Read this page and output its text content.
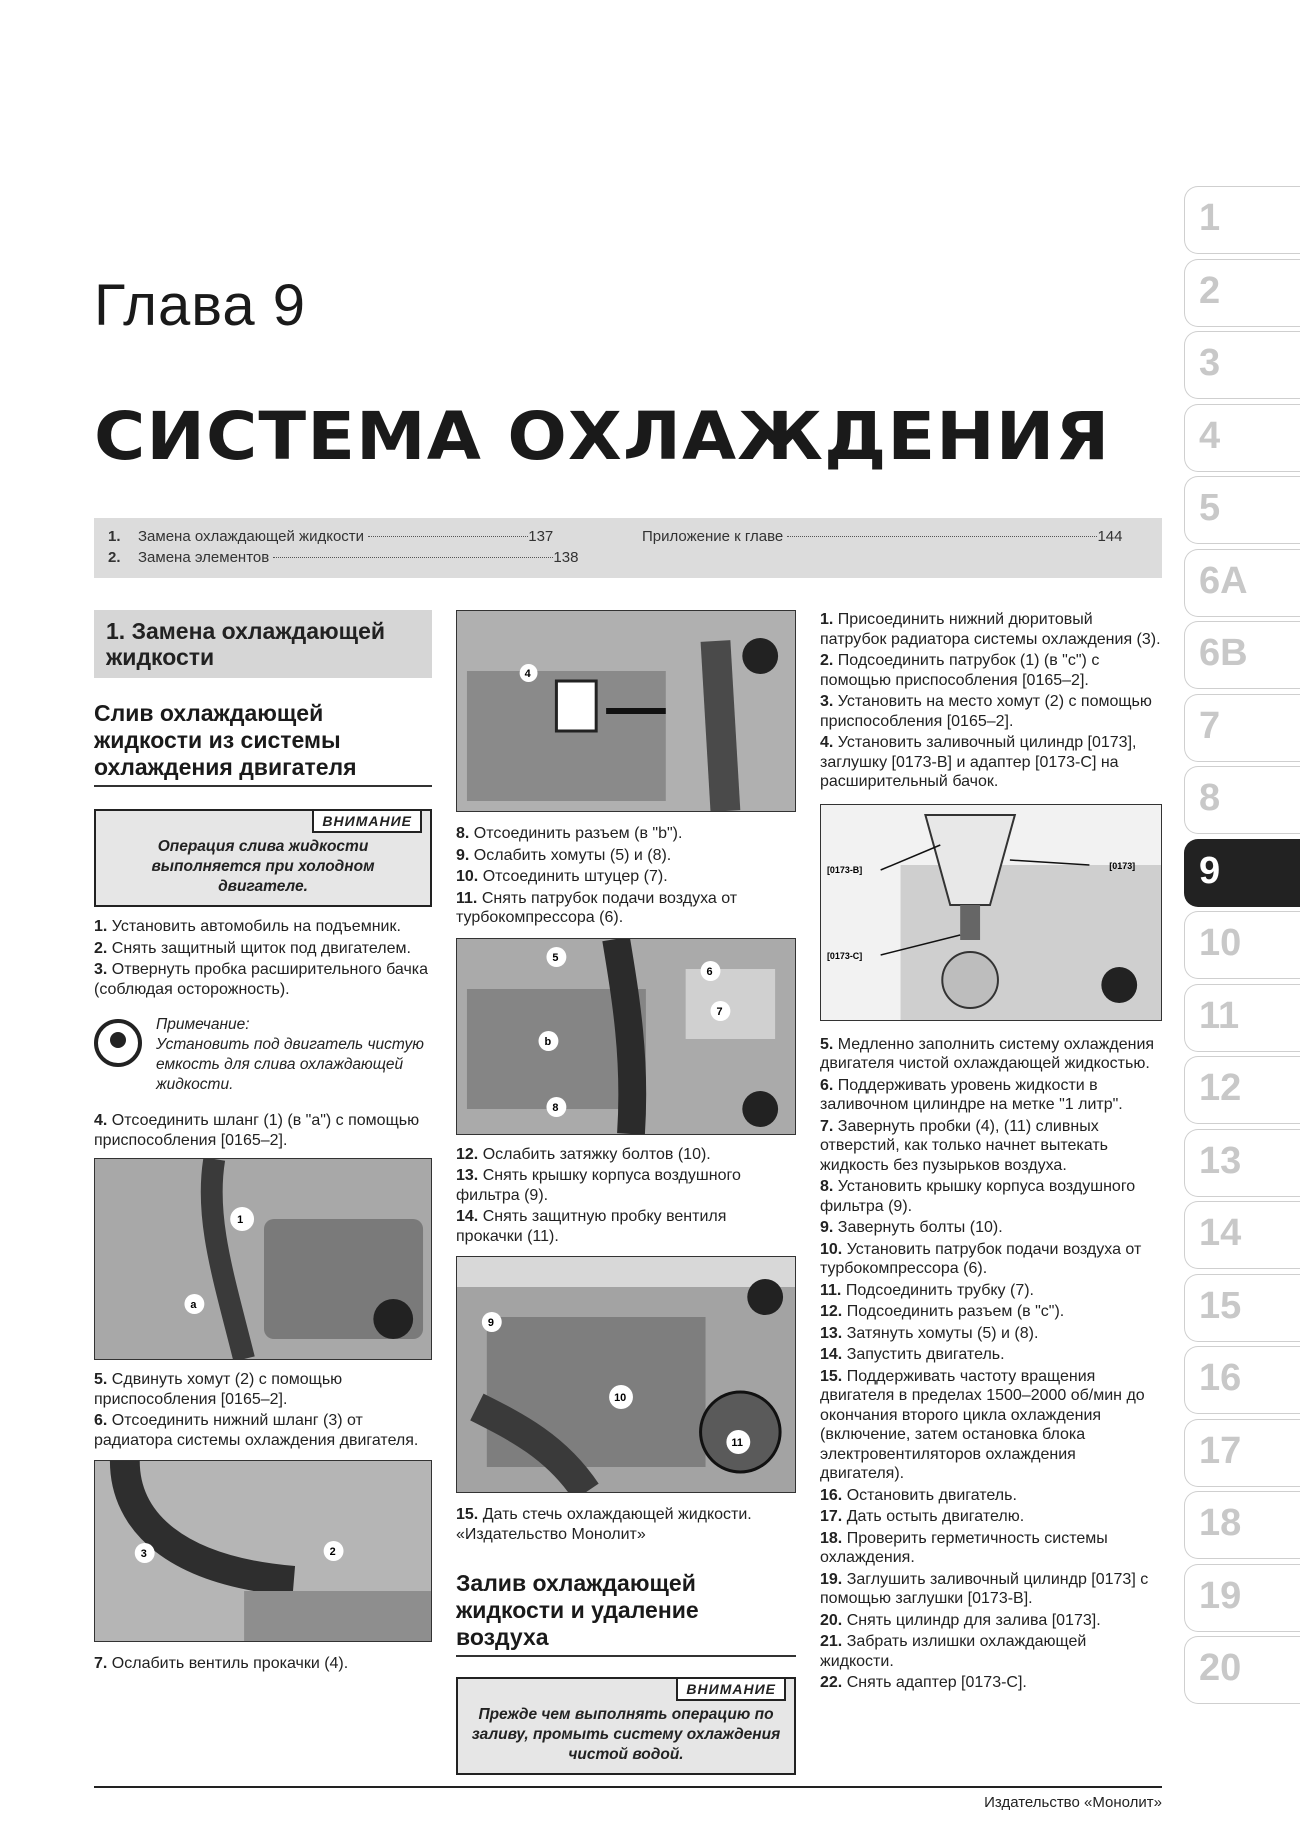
Глава 9
СИСТЕМА ОХЛАЖДЕНИЯ
1. Замена охлаждающей жидкости	137
2. Замена элементов	138
Приложение к главе	144
1
2
3
4
5
6A
6B
7
8
9
10
11
12
13
14
15
16
17
18
19
20
1. Замена охлаждающей жидкости
Слив охлаждающей жидкости из системы охлаждения двигателя
ВНИМАНИЕ
Операция слива жидкости выполняется при холодном двигателе.

1. Установить автомобиль на подъемник.

2. Снять защитный щиток под двигателем.

3. Отвернуть пробка расширительного бачка (соблюдая осторожность).

Примечание:
Установить под двигатель чистую емкость для слива охлаждающей жидкости.

4. Отсоединить шланг (1) (в "a") с помощью приспособления [0165–2].

1
a

5. Сдвинуть хомут (2) с помощью приспособления [0165–2].

6. Отсоединить нижний шланг (3) от радиатора системы охлаждения двигателя.

3	2

7. Ослабить вентиль прокачки (4).

4

8. Отсоединить разъем (в "b").

9. Ослабить хомуты (5) и (8).

10. Отсоединить штуцер (7).

11. Снять патрубок подачи воздуха от турбокомпрессора (6).

5
6
7
b
8

12. Ослабить затяжку болтов (10).

13. Снять крышку корпуса воздушного фильтра (9).

14. Снять защитную пробку вентиля прокачки (11).

9
10
11

15. Дать стечь охлаждающей жидкости. «Издательство Монолит»

Залив охлаждающей жидкости и удаление воздуха
ВНИМАНИЕ
Прежде чем выполнять операцию по заливу, промыть систему охлаждения чистой водой.

1. Присоединить нижний дюритовый патрубок радиатора системы охлаждения (3).

2. Подсоединить патрубок (1) (в "c") с помощью приспособления [0165–2].

3. Установить на место хомут (2) с помощью приспособления [0165–2].

4. Установить заливочный цилиндр [0173], заглушку [0173-B] и адаптер [0173-C] на расширительный бачок.

[0173-B]	[0173]
[0173-C]

5. Медленно заполнить систему охлаждения двигателя чистой охлаждающей жидкостью.

6. Поддерживать уровень жидкости в заливочном цилиндре на метке "1 литр".

7. Завернуть пробки (4), (11) сливных отверстий, как только начнет вытекать жидкость без пузырьков воздуха.

8. Установить крышку корпуса воздушного фильтра (9).

9. Завернуть болты (10).

10. Установить патрубок подачи воздуха от турбокомпрессора (6).

11. Подсоединить трубку (7).

12. Подсоединить разъем (в "c").

13. Затянуть хомуты (5) и (8).

14. Запустить двигатель.

15. Поддерживать частоту вращения двигателя в пределах 1500–2000 об/мин до окончания второго цикла охлаждения (включение, затем остановка блока электровентиляторов охлаждения двигателя).

16. Остановить двигатель.

17. Дать остыть двигателю.

18. Проверить герметичность системы охлаждения.

19. Заглушить заливочный цилиндр [0173] с помощью заглушки [0173-B].

20. Снять цилиндр для залива [0173].

21. Забрать излишки охлаждающей жидкости.

22. Снять адаптер [0173-C].

Издательство «Монолит»
